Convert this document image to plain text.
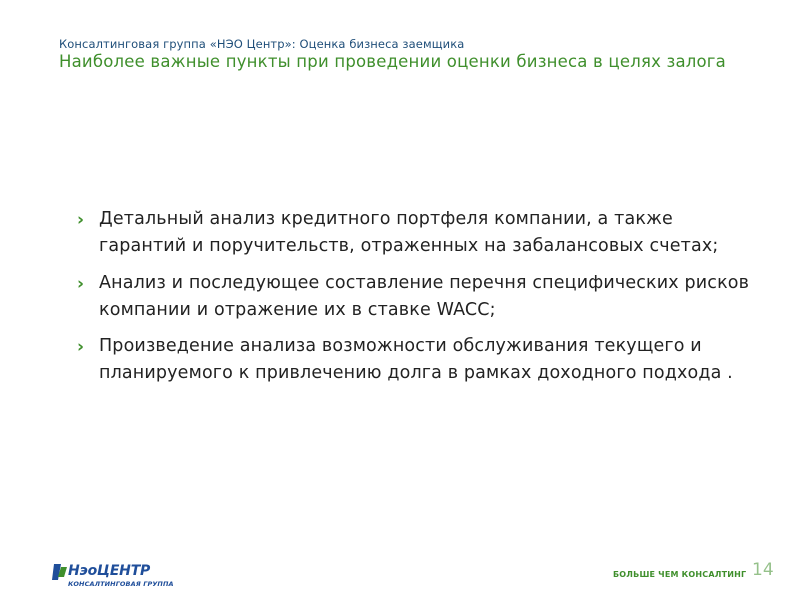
Консалтинговая группа «НЭО Центр»: Оценка бизнеса заемщика
Наиболее важные пункты при проведении оценки бизнеса в целях залога
› Детальный анализ кредитного портфеля компании, а также гарантий и поручительств, отраженных на забалансовых счетах;
› Анализ и последующее составление перечня специфических рисков компании и отражение их в ставке WACC;
› Произведение анализа возможности обслуживания текущего и планируемого к привлечению долга в рамках доходного подхода .
НэоЦЕНТР
КОНСАЛТИНГОВАЯ ГРУППА
БОЛЬШЕ ЧЕМ КОНСАЛТИНГ 14
